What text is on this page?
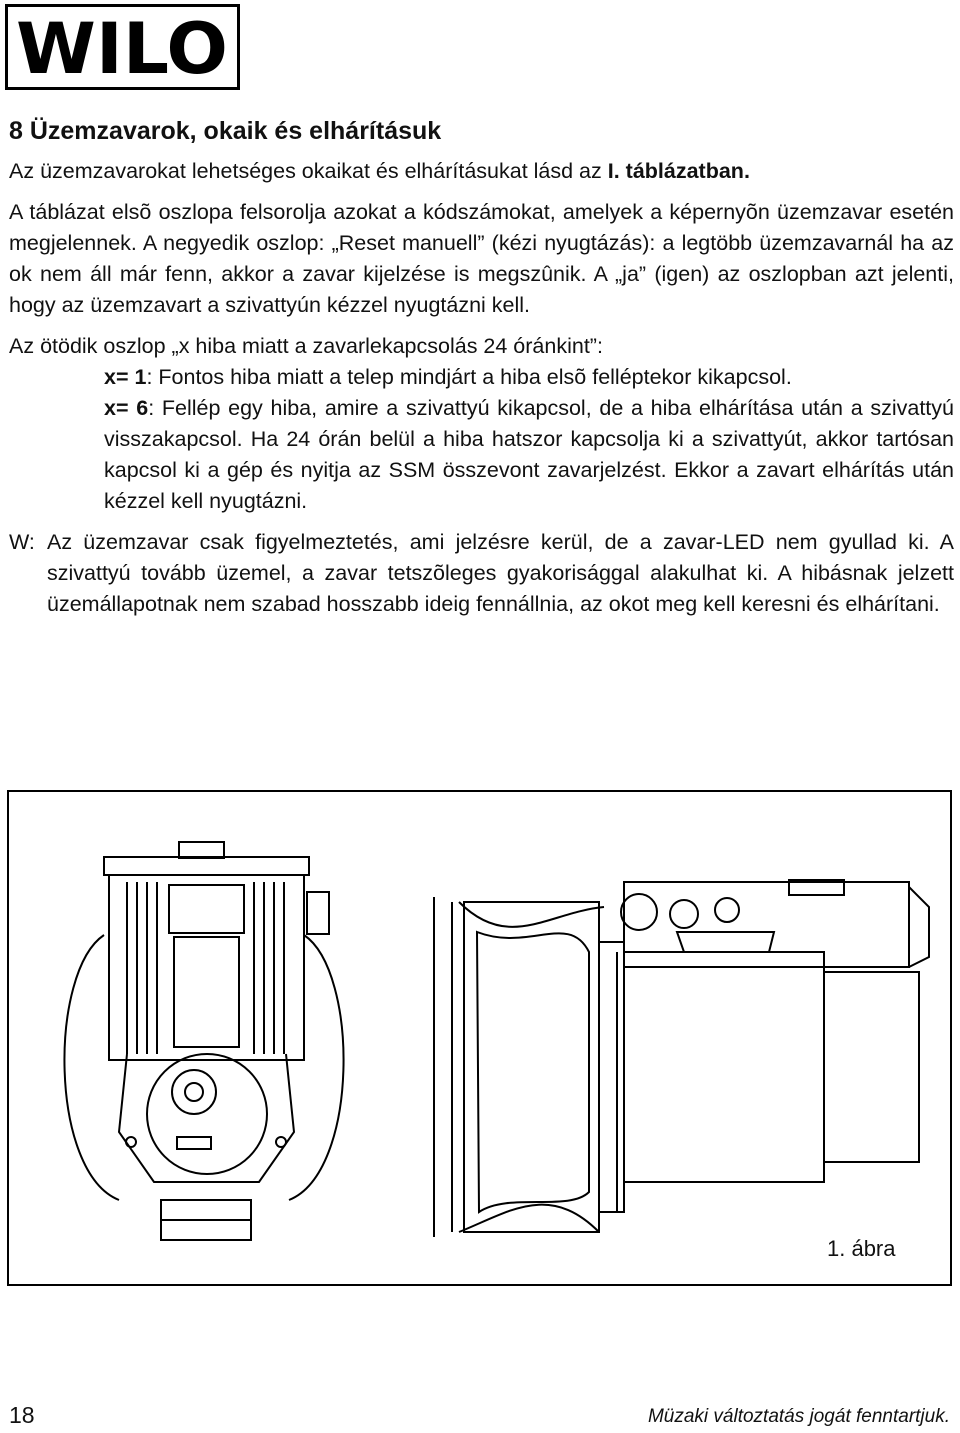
WILO
8 Üzemzavarok, okaik és elhárításuk

Az üzemzavarokat lehetséges okaikat és elhárításukat lásd az I. táblázatban.

A táblázat elsõ oszlopa felsorolja azokat a kódszámokat, amelyek a képernyõn üzemzavar esetén megjelennek. A negyedik oszlop: „Reset manuell” (kézi nyugtázás): a legtöbb üzemzavarnál ha az ok nem áll már fenn, akkor a zavar kijelzése is megszûnik. A „ja” (igen) az oszlopban azt jelenti, hogy az üzemzavart a szivattyún kézzel nyugtázni kell.

Az ötödik oszlop „x hiba miatt a zavarlekapcsolás 24 óránkint”:

x= 1: Fontos hiba miatt a telep mindjárt a hiba elsõ felléptekor kikapcsol.

x= 6: Fellép egy hiba, amire a szivattyú kikapcsol, de a hiba elhárítása után a szivattyú visszakapcsol. Ha 24 órán belül a hiba hatszor kapcsolja ki a szivattyút, akkor tartósan kapcsol ki a gép és nyitja az SSM összevont zavarjelzést. Ekkor a zavart elhárítás után kézzel kell nyugtázni.

W: Az üzemzavar csak figyelmeztetés, ami jelzésre kerül, de a zavar-LED nem gyullad ki. A szivattyú tovább üzemel, a zavar tetszõleges gyakorisággal alakulhat ki. A hibásnak jelzett üzemállapotnak nem szabad hosszabb ideig fennállnia, az okot meg kell keresni és elhárítani.

1. ábra
18	Müzaki változtatás jogát fenntartjuk.
